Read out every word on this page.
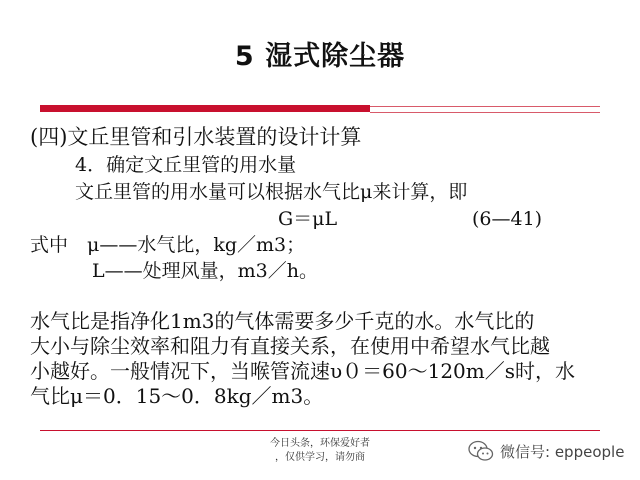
5 湿式除尘器
(四)文丘里管和引水装置的设计计算
4．确定文丘里管的用水量
文丘里管的用水量可以根据水气比μ来计算，即
G＝μL	(6—41)
式中　μ——水气比，kg／m3；
L——处理风量，m3／h。
水气比是指净化1m3的气体需要多少千克的水。水气比的
大小与除尘效率和阻力有直接关系，在使用中希望水气比越
小越好。一般情况下，当喉管流速υ０＝60～120m／s时，水
气比μ＝0．15～0．8kg／m3。
今日头条，环保爱好者
，仅供学习，请勿商	微信号: eppeople
